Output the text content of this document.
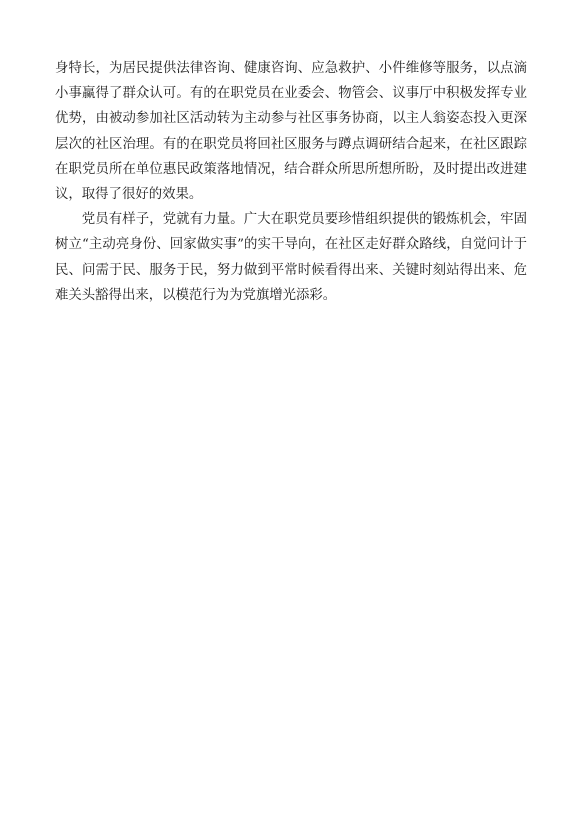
身特长，为居民提供法律咨询、健康咨询、应急救护、小件维修等服务，以点滴小事赢得了群众认可。有的在职党员在业委会、物管会、议事厅中积极发挥专业优势，由被动参加社区活动转为主动参与社区事务协商，以主人翁姿态投入更深层次的社区治理。有的在职党员将回社区服务与蹲点调研结合起来，在社区跟踪在职党员所在单位惠民政策落地情况，结合群众所思所想所盼，及时提出改进建议，取得了很好的效果。

党员有样子，党就有力量。广大在职党员要珍惜组织提供的锻炼机会，牢固树立“主动亮身份、回家做实事”的实干导向，在社区走好群众路线，自觉问计于民、问需于民、服务于民，努力做到平常时候看得出来、关键时刻站得出来、危难关头豁得出来，以模范行为为党旗增光添彩。
